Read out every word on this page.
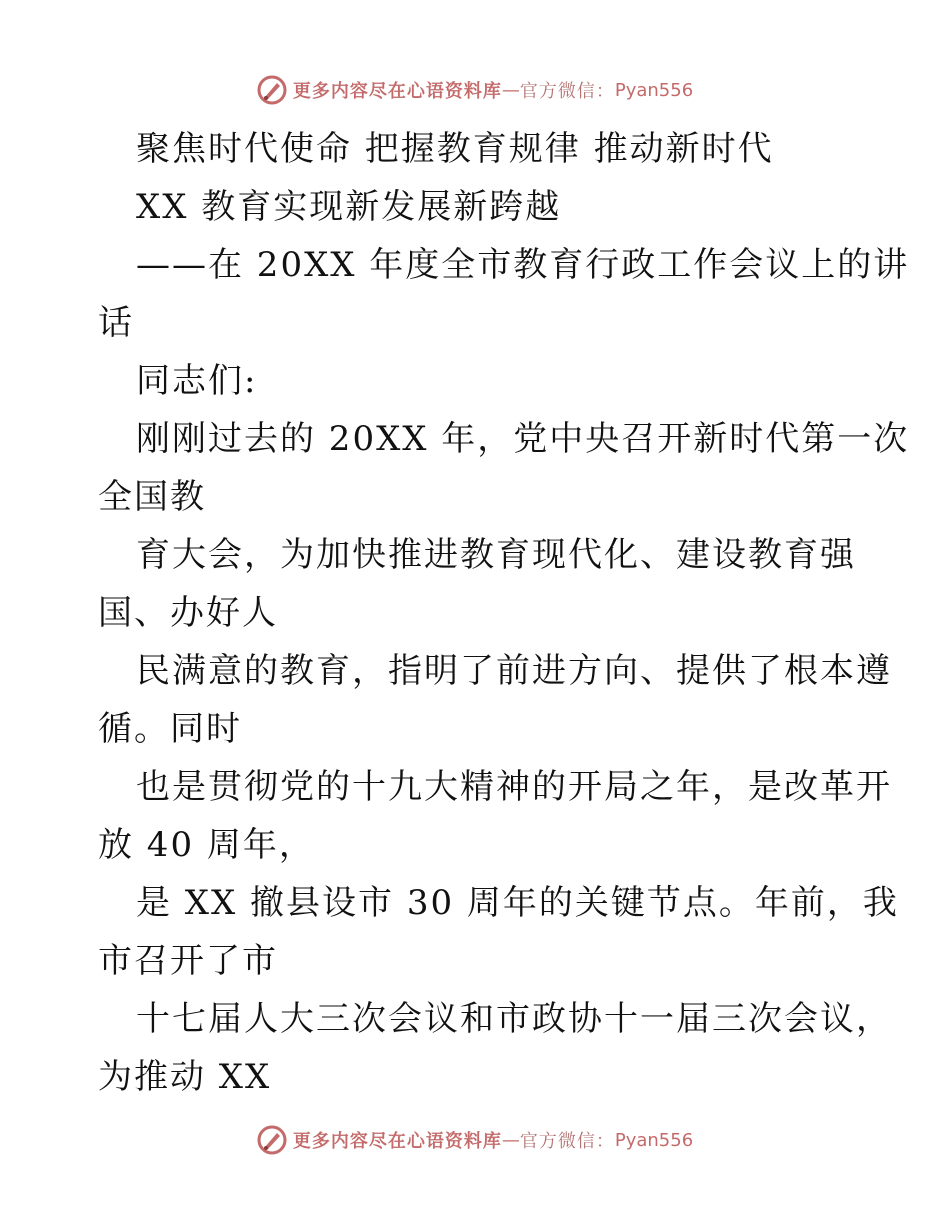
更多内容尽在心语资料库 — 官方微信： Pyan556
聚焦时代使命 把握教育规律 推动新时代
XX 教育实现新发展新跨越
——在 20XX 年度全市教育行政工作会议上的讲
话
同志们:
刚刚过去的 20XX 年，党中央召开新时代第一次
全国教
育大会，为加快推进教育现代化、建设教育强
国、办好人
民满意的教育，指明了前进方向、提供了根本遵
循。同时
也是贯彻党的十九大精神的开局之年，是改革开
放 40 周年，
是 XX 撤县设市 30 周年的关键节点。年前，我
市召开了市
十七届人大三次会议和市政协十一届三次会议，
为推动 XX
更多内容尽在心语资料库 — 官方微信： Pyan556
